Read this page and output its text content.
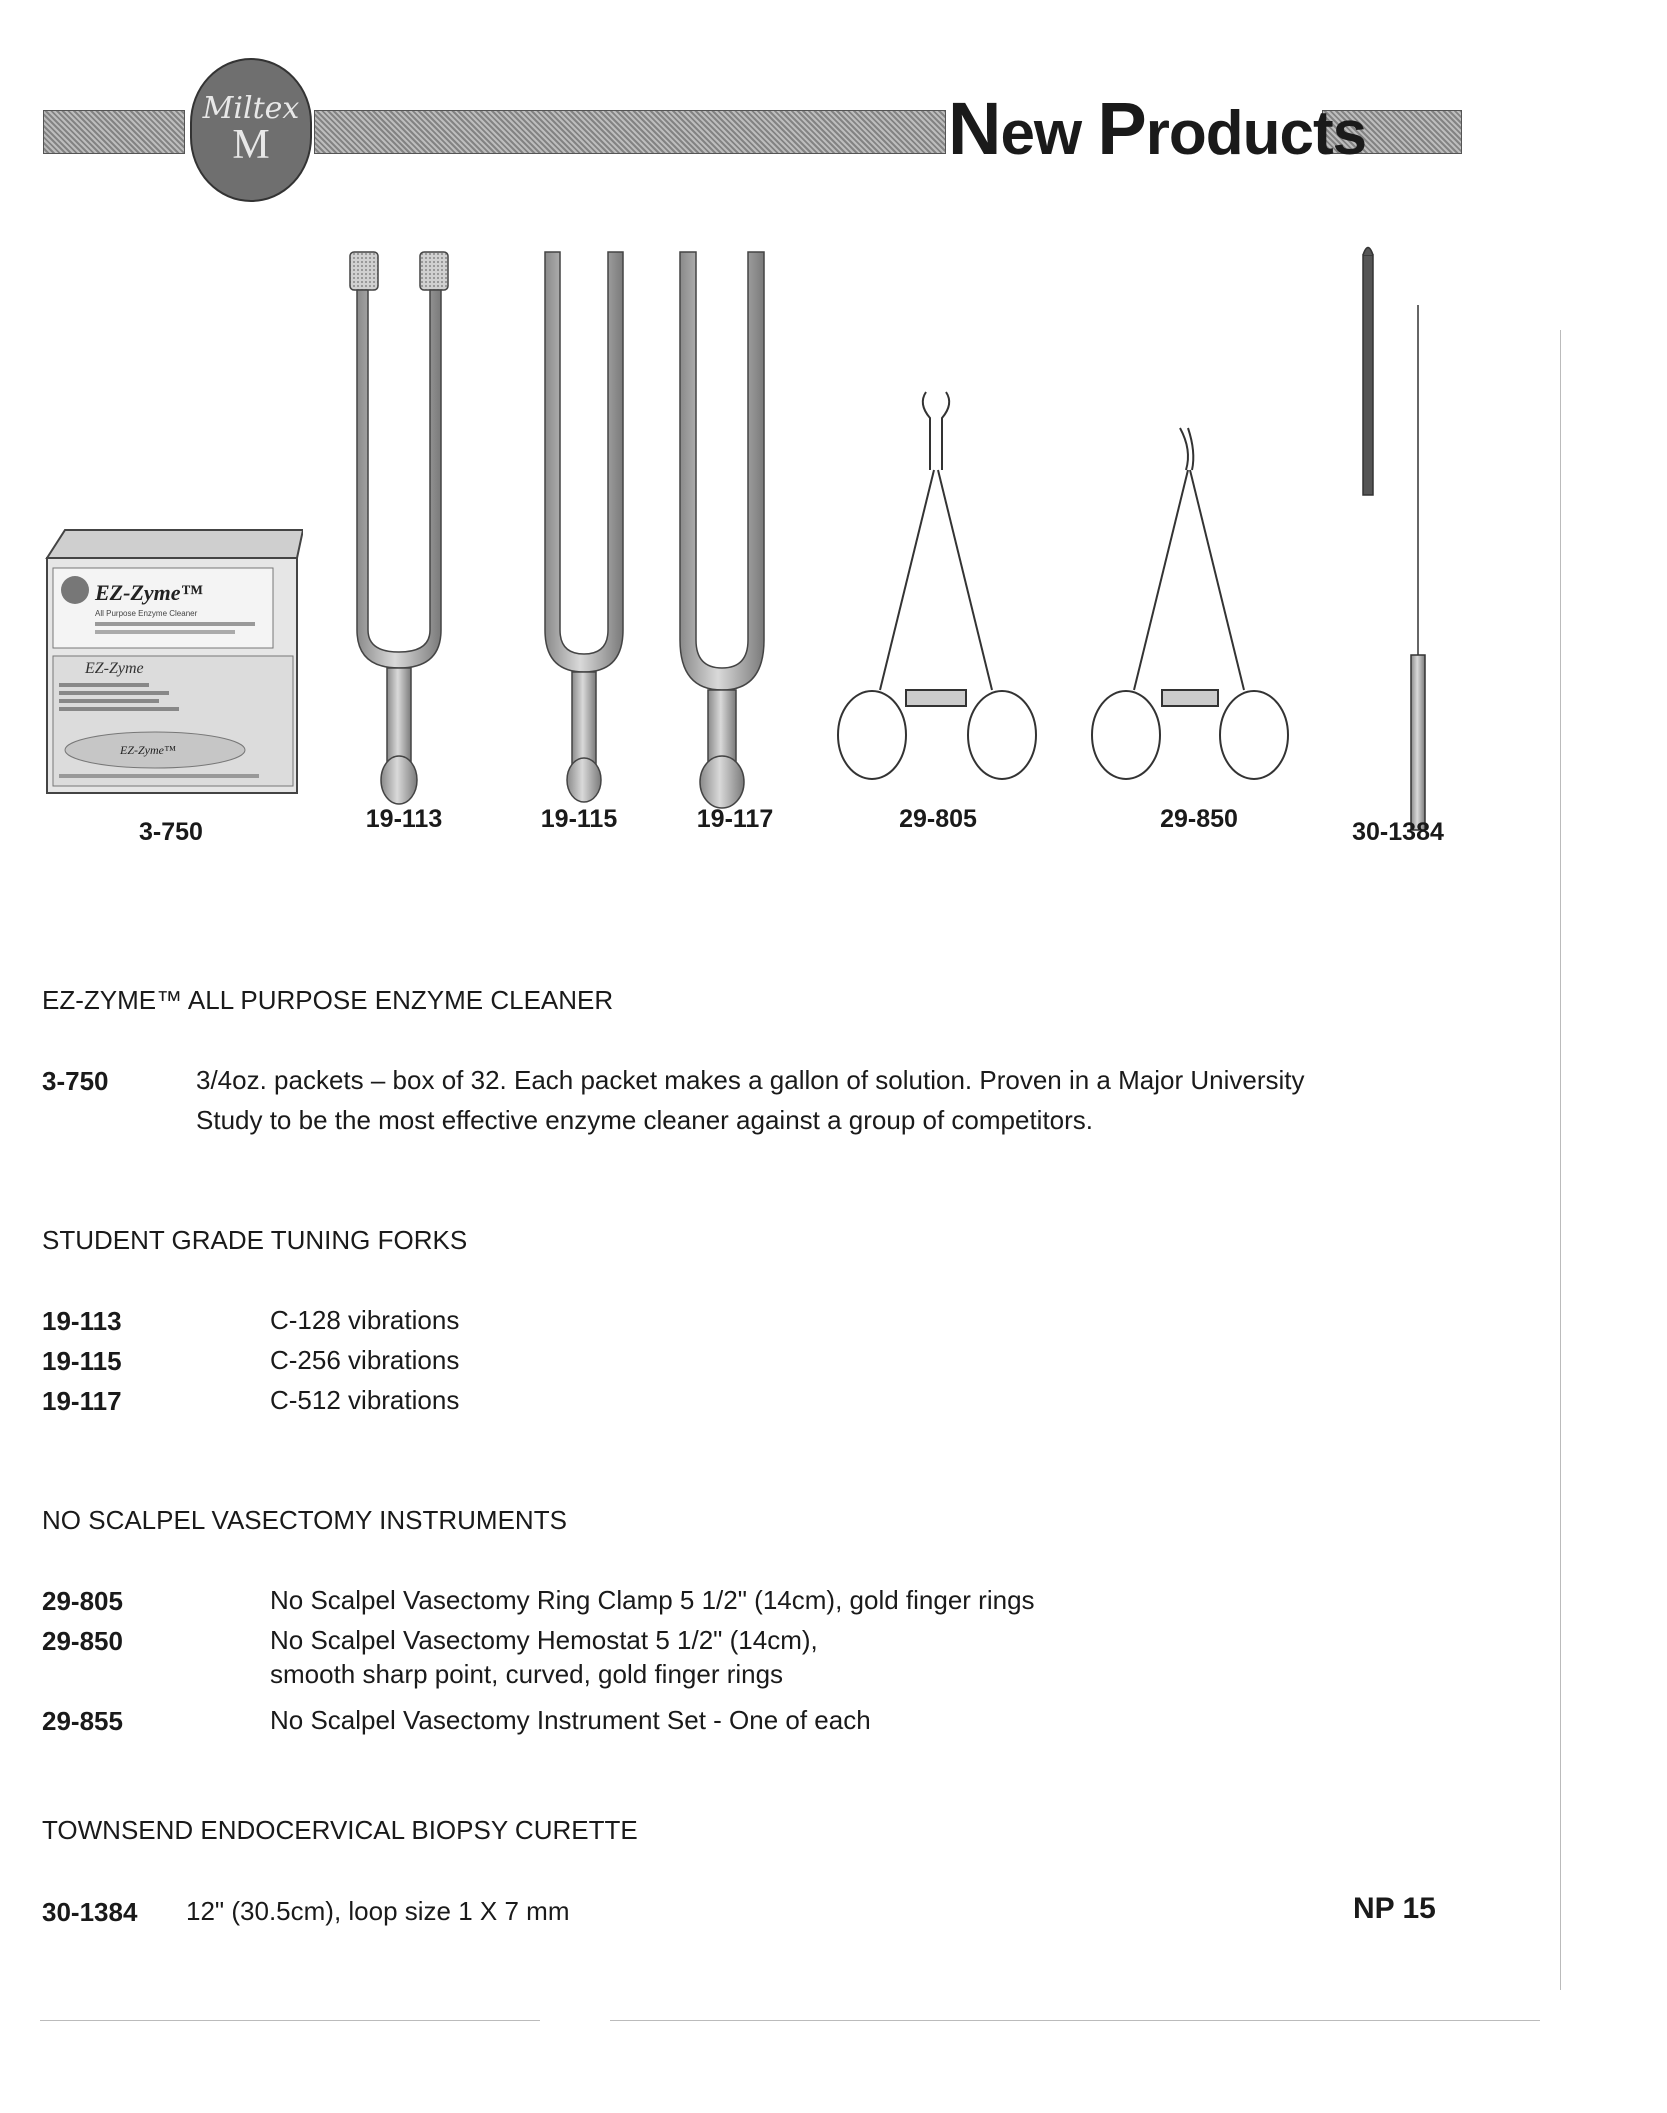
Miltex
M	New Products
EZ-Zyme™
All Purpose Enzyme Cleaner
EZ-Zyme
EZ-Zyme™
3-750	19-113	19-115	19-117	29-805	29-850	30-1384
EZ-ZYME™ ALL PURPOSE ENZYME CLEANER
3-750	3/4oz. packets – box of 32. Each packet makes a gallon of solution. Proven in a Major University
Study to be the most effective enzyme cleaner against a group of competitors.
STUDENT GRADE TUNING FORKS
19-113	C-128 vibrations
19-115	C-256 vibrations
19-117	C-512 vibrations
NO SCALPEL VASECTOMY INSTRUMENTS
29-805	No Scalpel Vasectomy Ring Clamp 5 1/2" (14cm), gold finger rings
29-850	No Scalpel Vasectomy Hemostat 5 1/2" (14cm),
smooth sharp point, curved, gold finger rings
29-855	No Scalpel Vasectomy Instrument Set - One of each
TOWNSEND ENDOCERVICAL BIOPSY CURETTE
30-1384 12" (30.5cm), loop size 1 X 7 mm	NP 15
